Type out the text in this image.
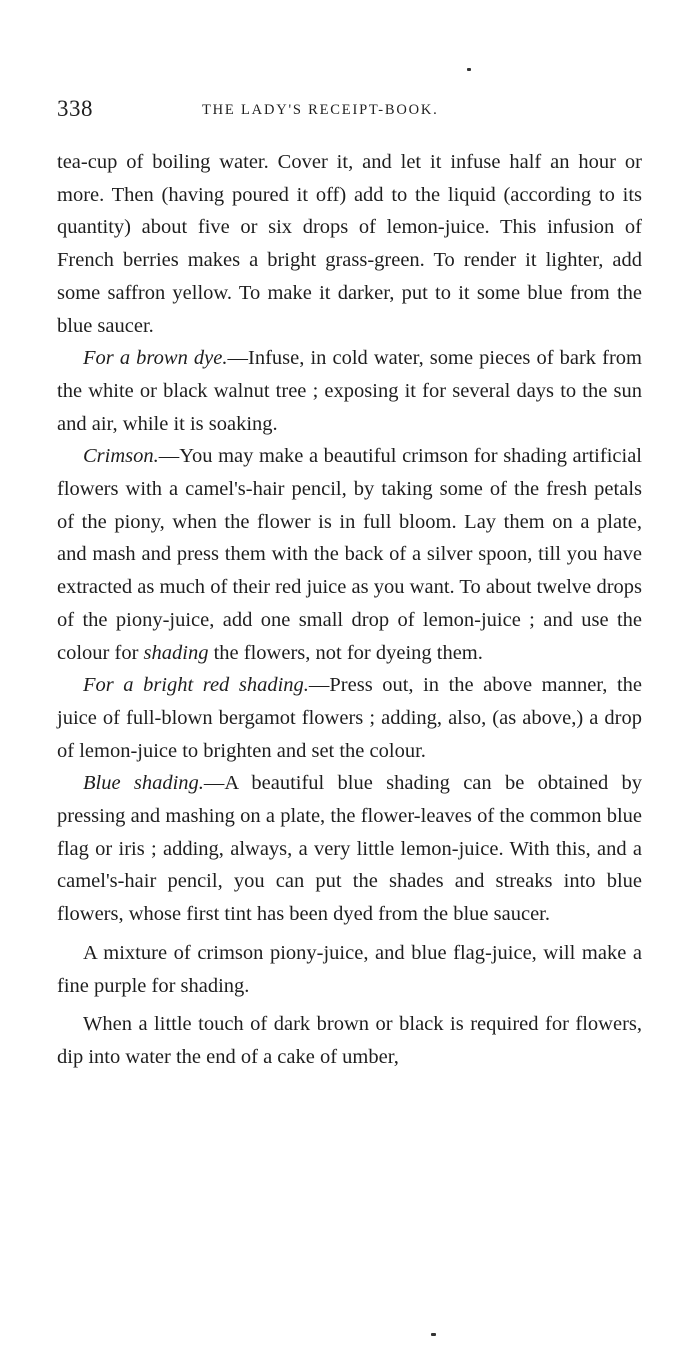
338	THE LADY'S RECEIPT-BOOK.

tea-cup of boiling water. Cover it, and let it infuse half an hour or more. Then (having poured it off) add to the liquid (according to its quantity) about five or six drops of lemon-juice. This infusion of French berries makes a bright grass-green. To render it lighter, add some saffron yellow. To make it darker, put to it some blue from the blue saucer.

For a brown dye.—Infuse, in cold water, some pieces of bark from the white or black walnut tree ; exposing it for several days to the sun and air, while it is soaking.

Crimson.—You may make a beautiful crimson for shading artificial flowers with a camel's-hair pencil, by taking some of the fresh petals of the piony, when the flower is in full bloom. Lay them on a plate, and mash and press them with the back of a silver spoon, till you have extracted as much of their red juice as you want. To about twelve drops of the piony-juice, add one small drop of lemon-juice ; and use the colour for shading the flowers, not for dyeing them.

For a bright red shading.—Press out, in the above manner, the juice of full-blown bergamot flowers ; adding, also, (as above,) a drop of lemon-juice to brighten and set the colour.

Blue shading.—A beautiful blue shading can be obtained by pressing and mashing on a plate, the flower-leaves of the common blue flag or iris ; adding, always, a very little lemon-juice. With this, and a camel's-hair pencil, you can put the shades and streaks into blue flowers, whose first tint has been dyed from the blue saucer.

A mixture of crimson piony-juice, and blue flag-juice, will make a fine purple for shading.

When a little touch of dark brown or black is required for flowers, dip into water the end of a cake of umber,
